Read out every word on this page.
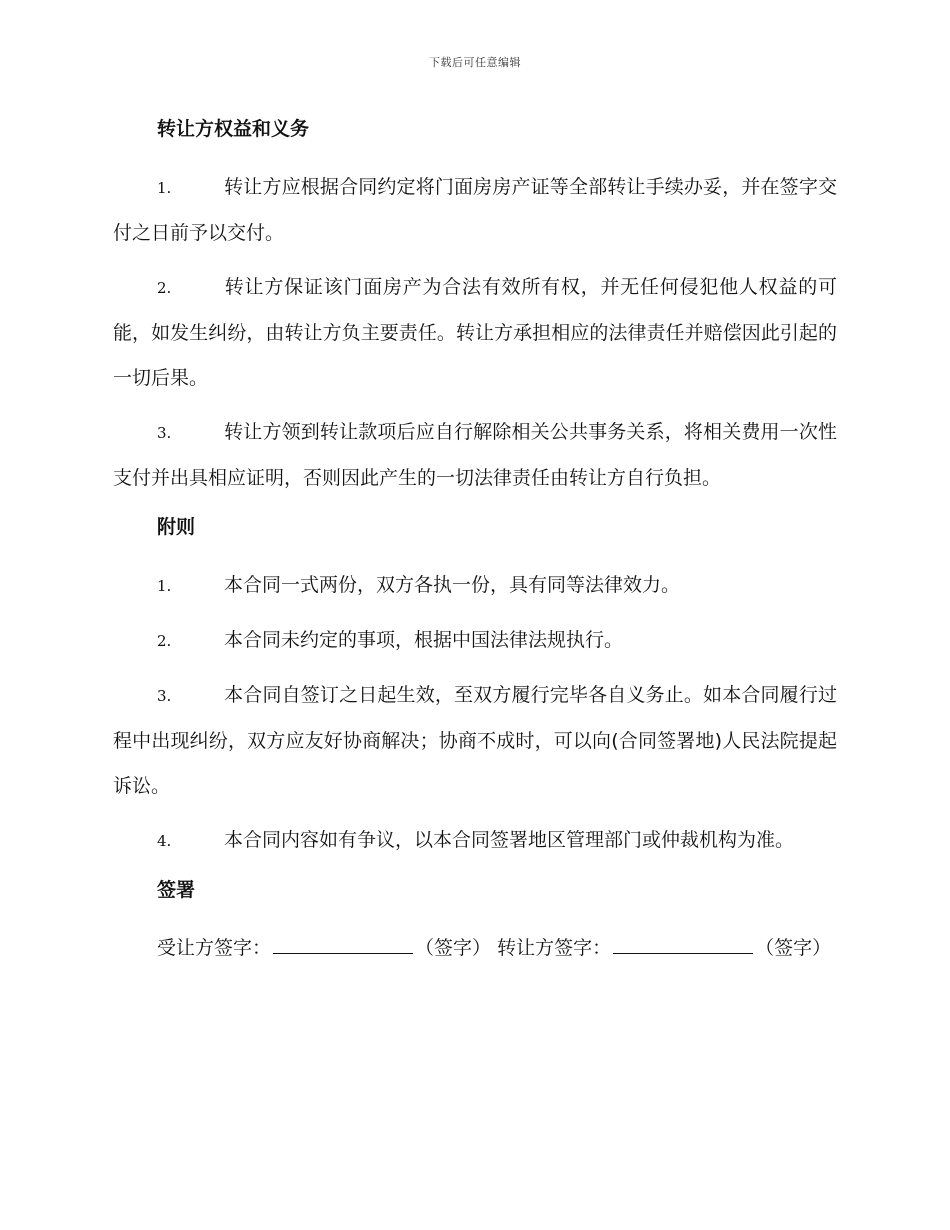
下载后可任意编辑
转让方权益和义务

1.	转让方应根据合同约定将门面房房产证等全部转让手续办妥，并在签字交付之日前予以交付。

2.	转让方保证该门面房产为合法有效所有权，并无任何侵犯他人权益的可能，如发生纠纷，由转让方负主要责任。转让方承担相应的法律责任并赔偿因此引起的一切后果。

3.	转让方领到转让款项后应自行解除相关公共事务关系，将相关费用一次性支付并出具相应证明，否则因此产生的一切法律责任由转让方自行负担。

附则

1.	本合同一式两份，双方各执一份，具有同等法律效力。

2.	本合同未约定的事项，根据中国法律法规执行。

3.	本合同自签订之日起生效，至双方履行完毕各自义务止。如本合同履行过程中出现纠纷，双方应友好协商解决；协商不成时，可以向(合同签署地)人民法院提起诉讼。

4.	本合同内容如有争议，以本合同签署地区管理部门或仲裁机构为准。

签署

受让方签字：	（签字） 转让方签字：	（签字）
